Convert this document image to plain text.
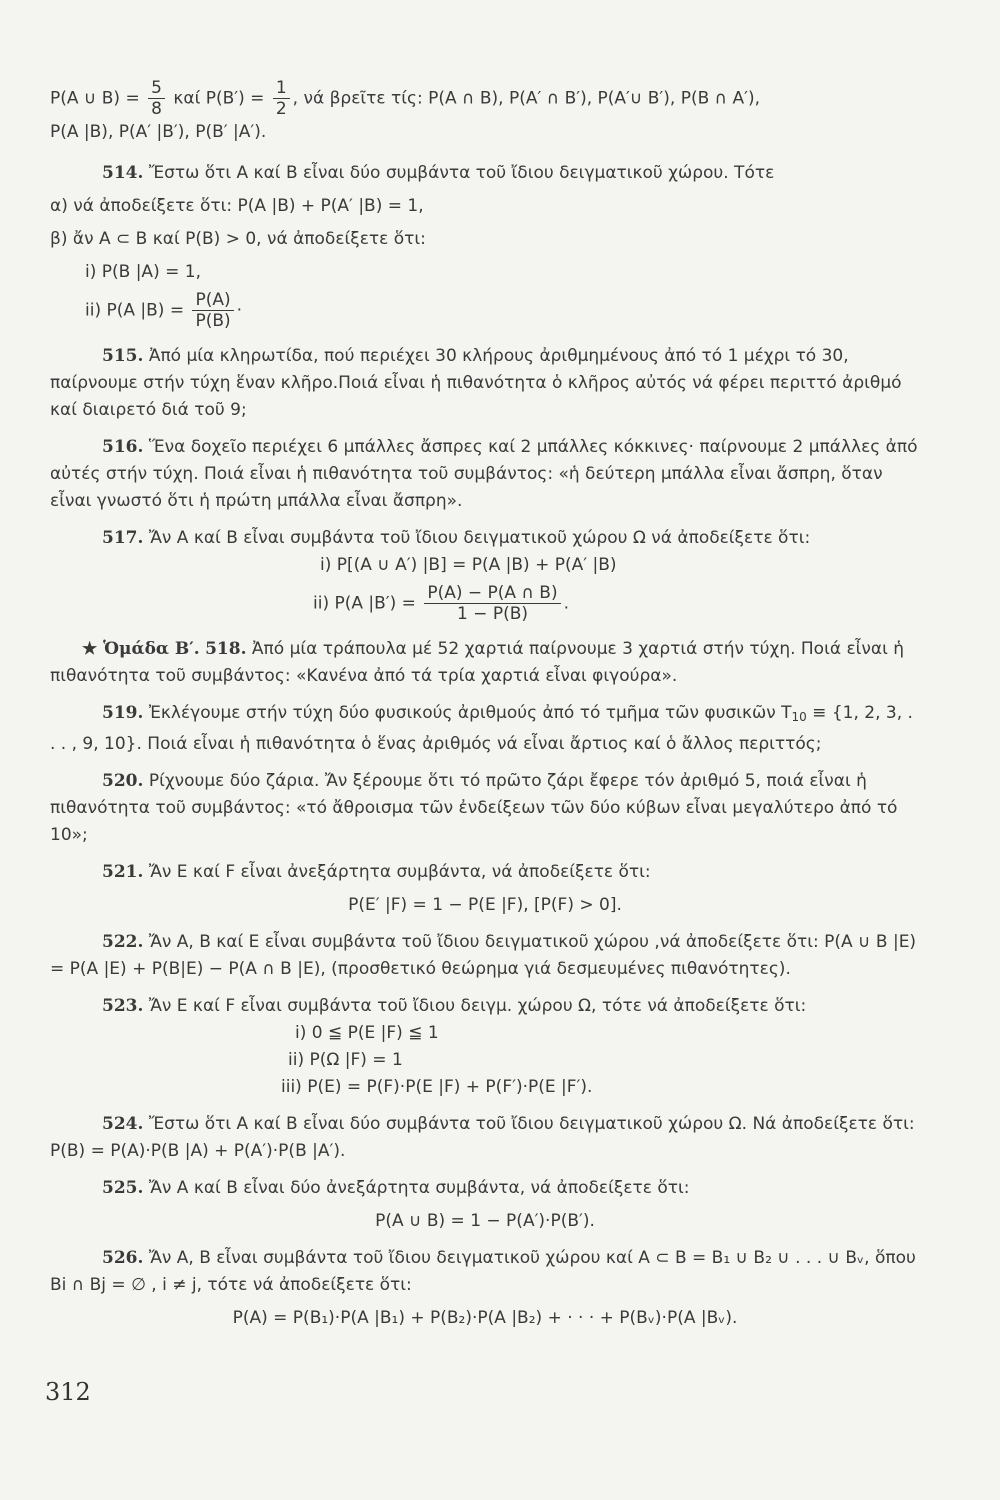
P(A ∪ $B) = \frac{5}{8}$ καί $P(B') = \frac{1}{2}$ , νά βρεῖτε τίς: P(A ∩ B), P(A′ ∩ B′), P(A′∪ B′), P(B ∩ A′),

P(A |B), P(A′ |B′), P(B′ |A′).

514. Ἔστω ὅτι A καί B εἶναι δύο συμβάντα τοῦ ἴδιου δειγματικοῦ χώρου. Τότε

α) νά ἀποδείξετε ὅτι: P(A |B) + P(A′ |B) = 1,

β) ἄν A ⊂ B καί P(B) > 0, νά ἀποδείξετε ὅτι:

i) P(B |A) = 1,

ii) P(A $|B) = \frac{P(A)}{P(B)}$ ·

515. Ἀπό μία κληρωτίδα, πού περιέχει 30 κλήρους ἀριθμημένους ἀπό τό 1 μέχρι τό 30, παίρνουμε στήν τύχη ἕναν κλῆρο.Ποιά εἶναι ἡ πιθανότητα ὁ κλῆρος αὐτός νά φέρει περιττό ἀριθμό καί διαιρετό διά τοῦ 9;

516. Ἕνα δοχεῖο περιέχει 6 μπάλλες ἄσπρες καί 2 μπάλλες κόκκινες· παίρνουμε 2 μπάλλες ἀπό αὐτές στήν τύχη. Ποιά εἶναι ἡ πιθανότητα τοῦ συμβάντος: «ἡ δεύτερη μπάλλα εἶναι ἄσπρη, ὅταν εἶναι γνωστό ὅτι ἡ πρώτη μπάλλα εἶναι ἄσπρη».

517. Ἄν A καί B εἶναι συμβάντα τοῦ ἴδιου δειγματικοῦ χώρου Ω νά ἀποδείξετε ὅτι:

i) P[(A ∪ A′) |B] = P(A |B) + P(A′ |B)

ii) P(A $|B') = \frac{P(A) - P(A \cap B)}{1 - P(B)}$ .

★ Ὁμάδα Β′. 518. Ἀπό μία τράπουλα μέ 52 χαρτιά παίρνουμε 3 χαρτιά στήν τύχη. Ποιά εἶναι ἡ πιθανότητα τοῦ συμβάντος: «Κανένα ἀπό τά τρία χαρτιά εἶναι φιγούρα».

519. Ἐκλέγουμε στήν τύχη δύο φυσικούς ἀριθμούς ἀπό τό τμῆμα τῶν φυσικῶν $T_{10} \equiv \{1$, 2, 3, . . . , 9, 10}. Ποιά εἶναι ἡ πιθανότητα ὁ ἕνας ἀριθμός νά εἶναι ἄρτιος καί ὁ ἄλλος περιττός;

520. Ρίχνουμε δύο ζάρια. Ἄν ξέρουμε ὅτι τό πρῶτο ζάρι ἔφερε τόν ἀριθμό 5, ποιά εἶναι ἡ πιθανότητα τοῦ συμβάντος: «τό ἄθροισμα τῶν ἐνδείξεων τῶν δύο κύβων εἶναι μεγαλύτερο ἀπό τό 10»;

521. Ἄν E καί F εἶναι ἀνεξάρτητα συμβάντα, νά ἀποδείξετε ὅτι:

P(E′ |F) = 1 − P(E |F), [P(F) > 0].

522. Ἄν A, B καί E εἶναι συμβάντα τοῦ ἴδιου δειγματικοῦ χώρου ,νά ἀποδείξετε ὅτι: P(A ∪ B |E) = P(A |E) + P(B|E) − P(A ∩ B |E), (προσθετικό θεώρημα γιά δεσμευμένες πιθανότητες).

523. Ἄν E καί F εἶναι συμβάντα τοῦ ἴδιου δειγμ. χώρου Ω, τότε νά ἀποδείξετε ὅτι:

i) 0 ≦ P(E |F) ≦ 1

ii) P(Ω |F) = 1

iii) P(E) = P(F)·P(E |F) + P(F′)·P(E |F′).

524. Ἔστω ὅτι A καί B εἶναι δύο συμβάντα τοῦ ἴδιου δειγματικοῦ χώρου Ω. Νά ἀποδείξετε ὅτι: P(B) = P(A)·P(B |A) + P(A′)·P(B |A′).

525. Ἄν A καί B εἶναι δύο ἀνεξάρτητα συμβάντα, νά ἀποδείξετε ὅτι:

P(A ∪ B) = 1 − P(A′)·P(B′).

526. Ἄν A, B εἶναι συμβάντα τοῦ ἴδιου δειγματικοῦ χώρου καί A ⊂ B = B₁ ∪ B₂ ∪ . . . ∪ Bᵥ, ὅπου Bi ∩ Bj = ∅ , i ≠ j, τότε νά ἀποδείξετε ὅτι:

P(A) = P(B₁)·P(A |B₁) + P(B₂)·P(A |B₂) + · · · + P(Bᵥ)·P(A |Bᵥ).

312
